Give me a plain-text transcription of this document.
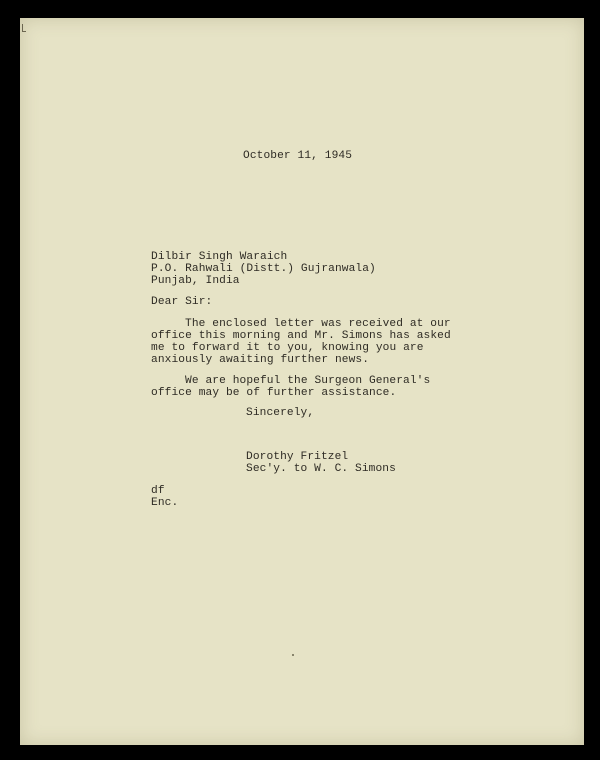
October 11, 1945

Dilbir Singh Waraich

P.O. Rahwali (Distt.) Gujranwala)

Punjab, India

Dear Sir:

The enclosed letter was received at our

office this morning and Mr. Simons has asked

me to forward it to you, knowing you are

anxiously awaiting further news.

We are hopeful the Surgeon General's

office may be of further assistance.

Sincerely,

Dorothy Fritzel

Sec'y. to W. C. Simons

df

Enc.
